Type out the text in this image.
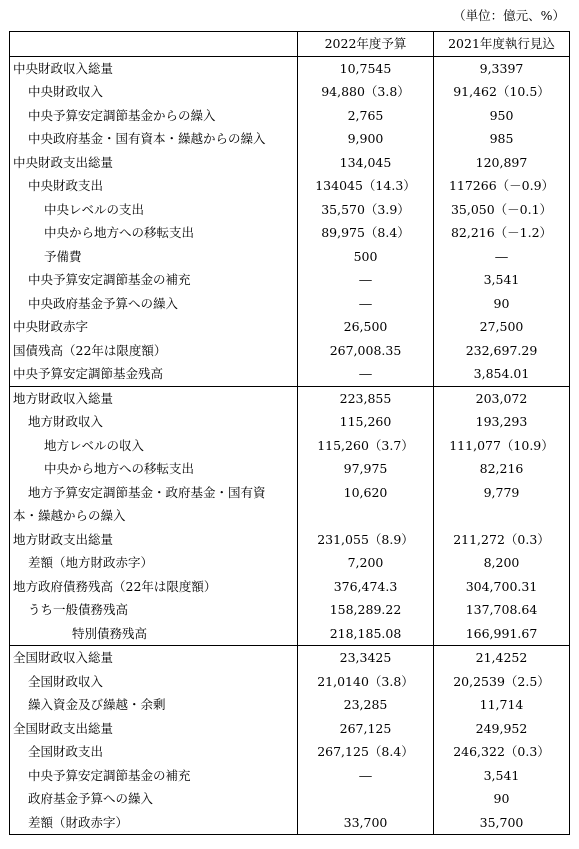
（単位：億元、%）
	2022年度予算	2021年度執行見込
中央財政収入総量	10,7545	9,3397
中央財政収入	94,880（3.8）	91,462（10.5）
中央予算安定調節基金からの繰入	2,765	950
中央政府基金・国有資本・繰越からの繰入	9,900	985
中央財政支出総量	134,045	120,897
中央財政支出	134045（14.3）	117266（－0.9）
中央レベルの支出	35,570（3.9）	35,050（－0.1）
中央から地方への移転支出	89,975（8.4）	82,216（－1.2）
予備費	500	―
中央予算安定調節基金の補充	―	3,541
中央政府基金予算への繰入	―	90
中央財政赤字	26,500	27,500
国債残高（22年は限度額）	267,008.35	232,697.29
中央予算安定調節基金残高	―	3,854.01
地方財政収入総量	223,855	203,072
地方財政収入	115,260	193,293
地方レベルの収入	115,260（3.7）	111,077（10.9）
中央から地方への移転支出	97,975	82,216
地方予算安定調節基金・政府基金・国有資	10,620	9,779
本・繰越からの繰入		
地方財政支出総量	231,055（8.9）	211,272（0.3）
差額（地方財政赤字）	7,200	8,200
地方政府債務残高（22年は限度額）	376,474.3	304,700.31
うち一般債務残高	158,289.22	137,708.64
特別債務残高	218,185.08	166,991.67
全国財政収入総量	23,3425	21,4252
全国財政収入	21,0140（3.8）	20,2539（2.5）
繰入資金及び繰越・余剰	23,285	11,714
全国財政支出総量	267,125	249,952
全国財政支出	267,125（8.4）	246,322（0.3）
中央予算安定調節基金の補充	―	3,541
政府基金予算への繰入		90
差額（財政赤字）	33,700	35,700
